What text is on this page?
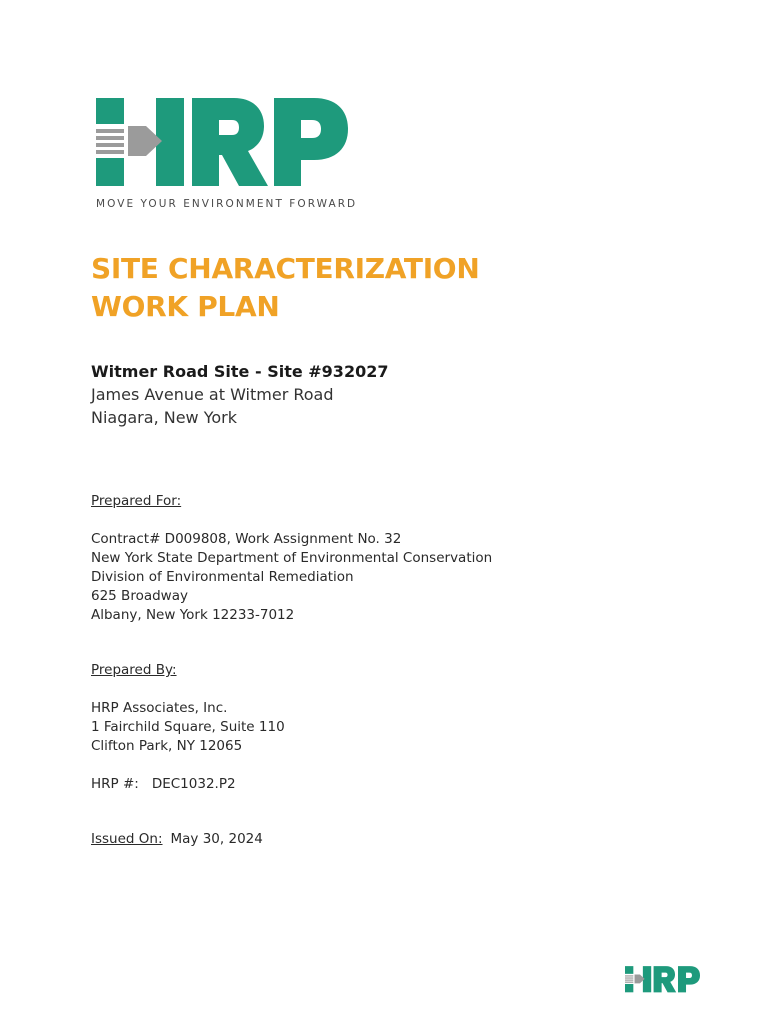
MOVE YOUR ENVIRONMENT FORWARD
SITE CHARACTERIZATION
WORK PLAN
Witmer Road Site - Site #932027
James Avenue at Witmer Road
Niagara, New York
Prepared For:
Contract# D009808, Work Assignment No. 32
New York State Department of Environmental Conservation
Division of Environmental Remediation
625 Broadway
Albany, New York 12233-7012
Prepared By:
HRP Associates, Inc.
1 Fairchild Square, Suite 110
Clifton Park, NY 12065
HRP #: DEC1032.P2
Issued On: May 30, 2024
